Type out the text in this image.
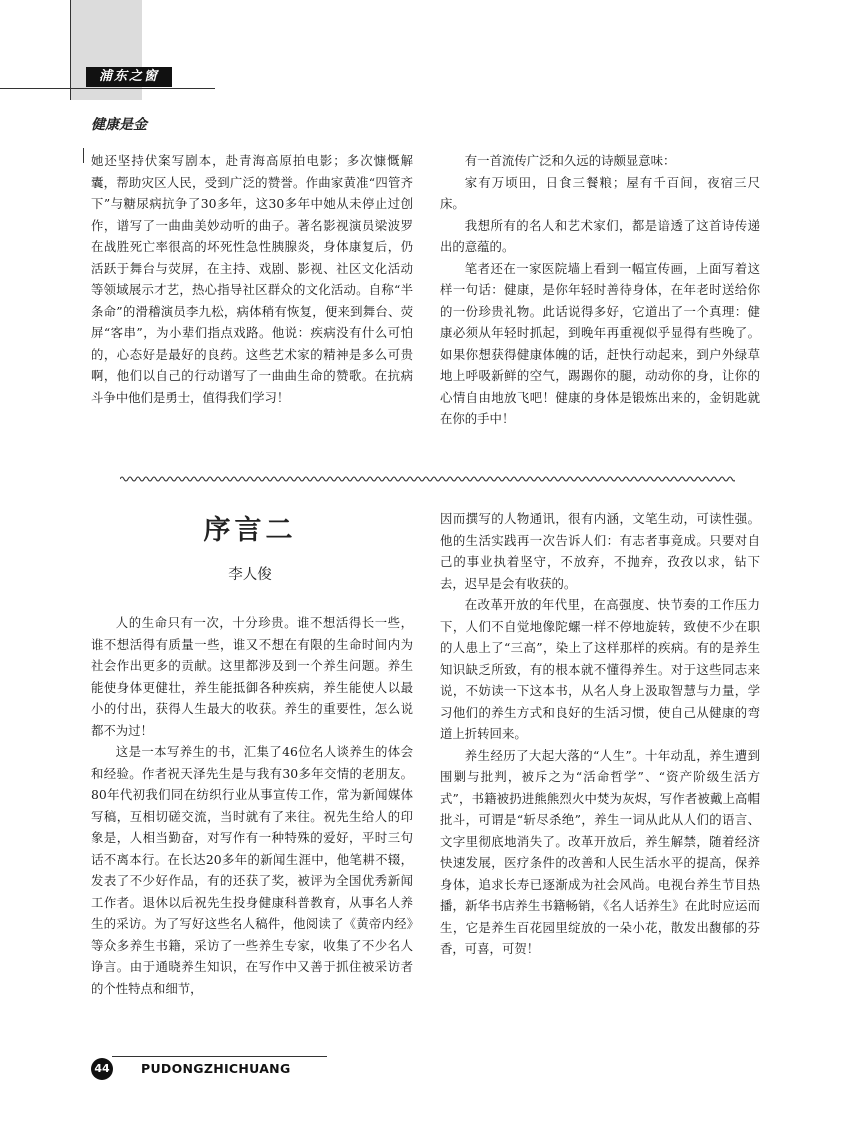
浦东之窗
健康是金

她还坚持伏案写剧本，赴青海高原拍电影；多次慷慨解囊，帮助灾区人民，受到广泛的赞誉。作曲家黄准“四管齐下”与糖尿病抗争了30多年，这30多年中她从未停止过创作，谱写了一曲曲美妙动听的曲子。著名影视演员梁波罗在战胜死亡率很高的坏死性急性胰腺炎，身体康复后，仍活跃于舞台与荧屏，在主持、戏剧、影视、社区文化活动等领域展示才艺，热心指导社区群众的文化活动。自称“半条命”的滑稽演员李九松，病体稍有恢复，便来到舞台、荧屏“客串”，为小辈们指点戏路。他说：疾病没有什么可怕的，心态好是最好的良药。这些艺术家的精神是多么可贵啊，他们以自己的行动谱写了一曲曲生命的赞歌。在抗病斗争中他们是勇士，值得我们学习！

有一首流传广泛和久远的诗颇显意味：

家有万顷田，日食三餐粮；屋有千百间，夜宿三尺床。

我想所有的名人和艺术家们，都是谙透了这首诗传递出的意蕴的。

笔者还在一家医院墙上看到一幅宣传画，上面写着这样一句话：健康，是你年轻时善待身体，在年老时送给你的一份珍贵礼物。此话说得多好，它道出了一个真理：健康必须从年轻时抓起，到晚年再重视似乎显得有些晚了。如果你想获得健康体魄的话，赶快行动起来，到户外绿草地上呼吸新鲜的空气，踢踢你的腿，动动你的身，让你的心情自由地放飞吧！健康的身体是锻炼出来的，金钥匙就在你的手中！

序言二
李人俊

人的生命只有一次，十分珍贵。谁不想活得长一些，谁不想活得有质量一些，谁又不想在有限的生命时间内为社会作出更多的贡献。这里都涉及到一个养生问题。养生能使身体更健壮，养生能抵御各种疾病，养生能使人以最小的付出，获得人生最大的收获。养生的重要性，怎么说都不为过！

这是一本写养生的书，汇集了46位名人谈养生的体会和经验。作者祝天泽先生是与我有30多年交情的老朋友。80年代初我们同在纺织行业从事宣传工作，常为新闻媒体写稿，互相切磋交流，当时就有了来往。祝先生给人的印象是，人相当勤奋，对写作有一种特殊的爱好，平时三句话不离本行。在长达20多年的新闻生涯中，他笔耕不辍，发表了不少好作品，有的还获了奖，被评为全国优秀新闻工作者。退休以后祝先生投身健康科普教育，从事名人养生的采访。为了写好这些名人稿件，他阅读了《黄帝内经》等众多养生书籍，采访了一些养生专家，收集了不少名人诤言。由于通晓养生知识，在写作中又善于抓住被采访者的个性特点和细节，

因而撰写的人物通讯，很有内涵，文笔生动，可读性强。他的生活实践再一次告诉人们：有志者事竟成。只要对自己的事业执着坚守，不放弃，不抛弃，孜孜以求，钻下去，迟早是会有收获的。

在改革开放的年代里，在高强度、快节奏的工作压力下，人们不自觉地像陀螺一样不停地旋转，致使不少在职的人患上了“三高”，染上了这样那样的疾病。有的是养生知识缺乏所致，有的根本就不懂得养生。对于这些同志来说，不妨读一下这本书，从名人身上汲取智慧与力量，学习他们的养生方式和良好的生活习惯，使自己从健康的弯道上折转回来。

养生经历了大起大落的“人生”。十年动乱，养生遭到围剿与批判，被斥之为“活命哲学”、“资产阶级生活方式”，书籍被扔进熊熊烈火中焚为灰烬，写作者被戴上高帽批斗，可谓是“斩尽杀绝”，养生一词从此从人们的语言、文字里彻底地消失了。改革开放后，养生解禁，随着经济快速发展，医疗条件的改善和人民生活水平的提高，保养身体，追求长寿已逐渐成为社会风尚。电视台养生节目热播，新华书店养生书籍畅销，《名人话养生》在此时应运而生，它是养生百花园里绽放的一朵小花，散发出馥郁的芬香，可喜，可贺！

44	PUDONGZHICHUANG
